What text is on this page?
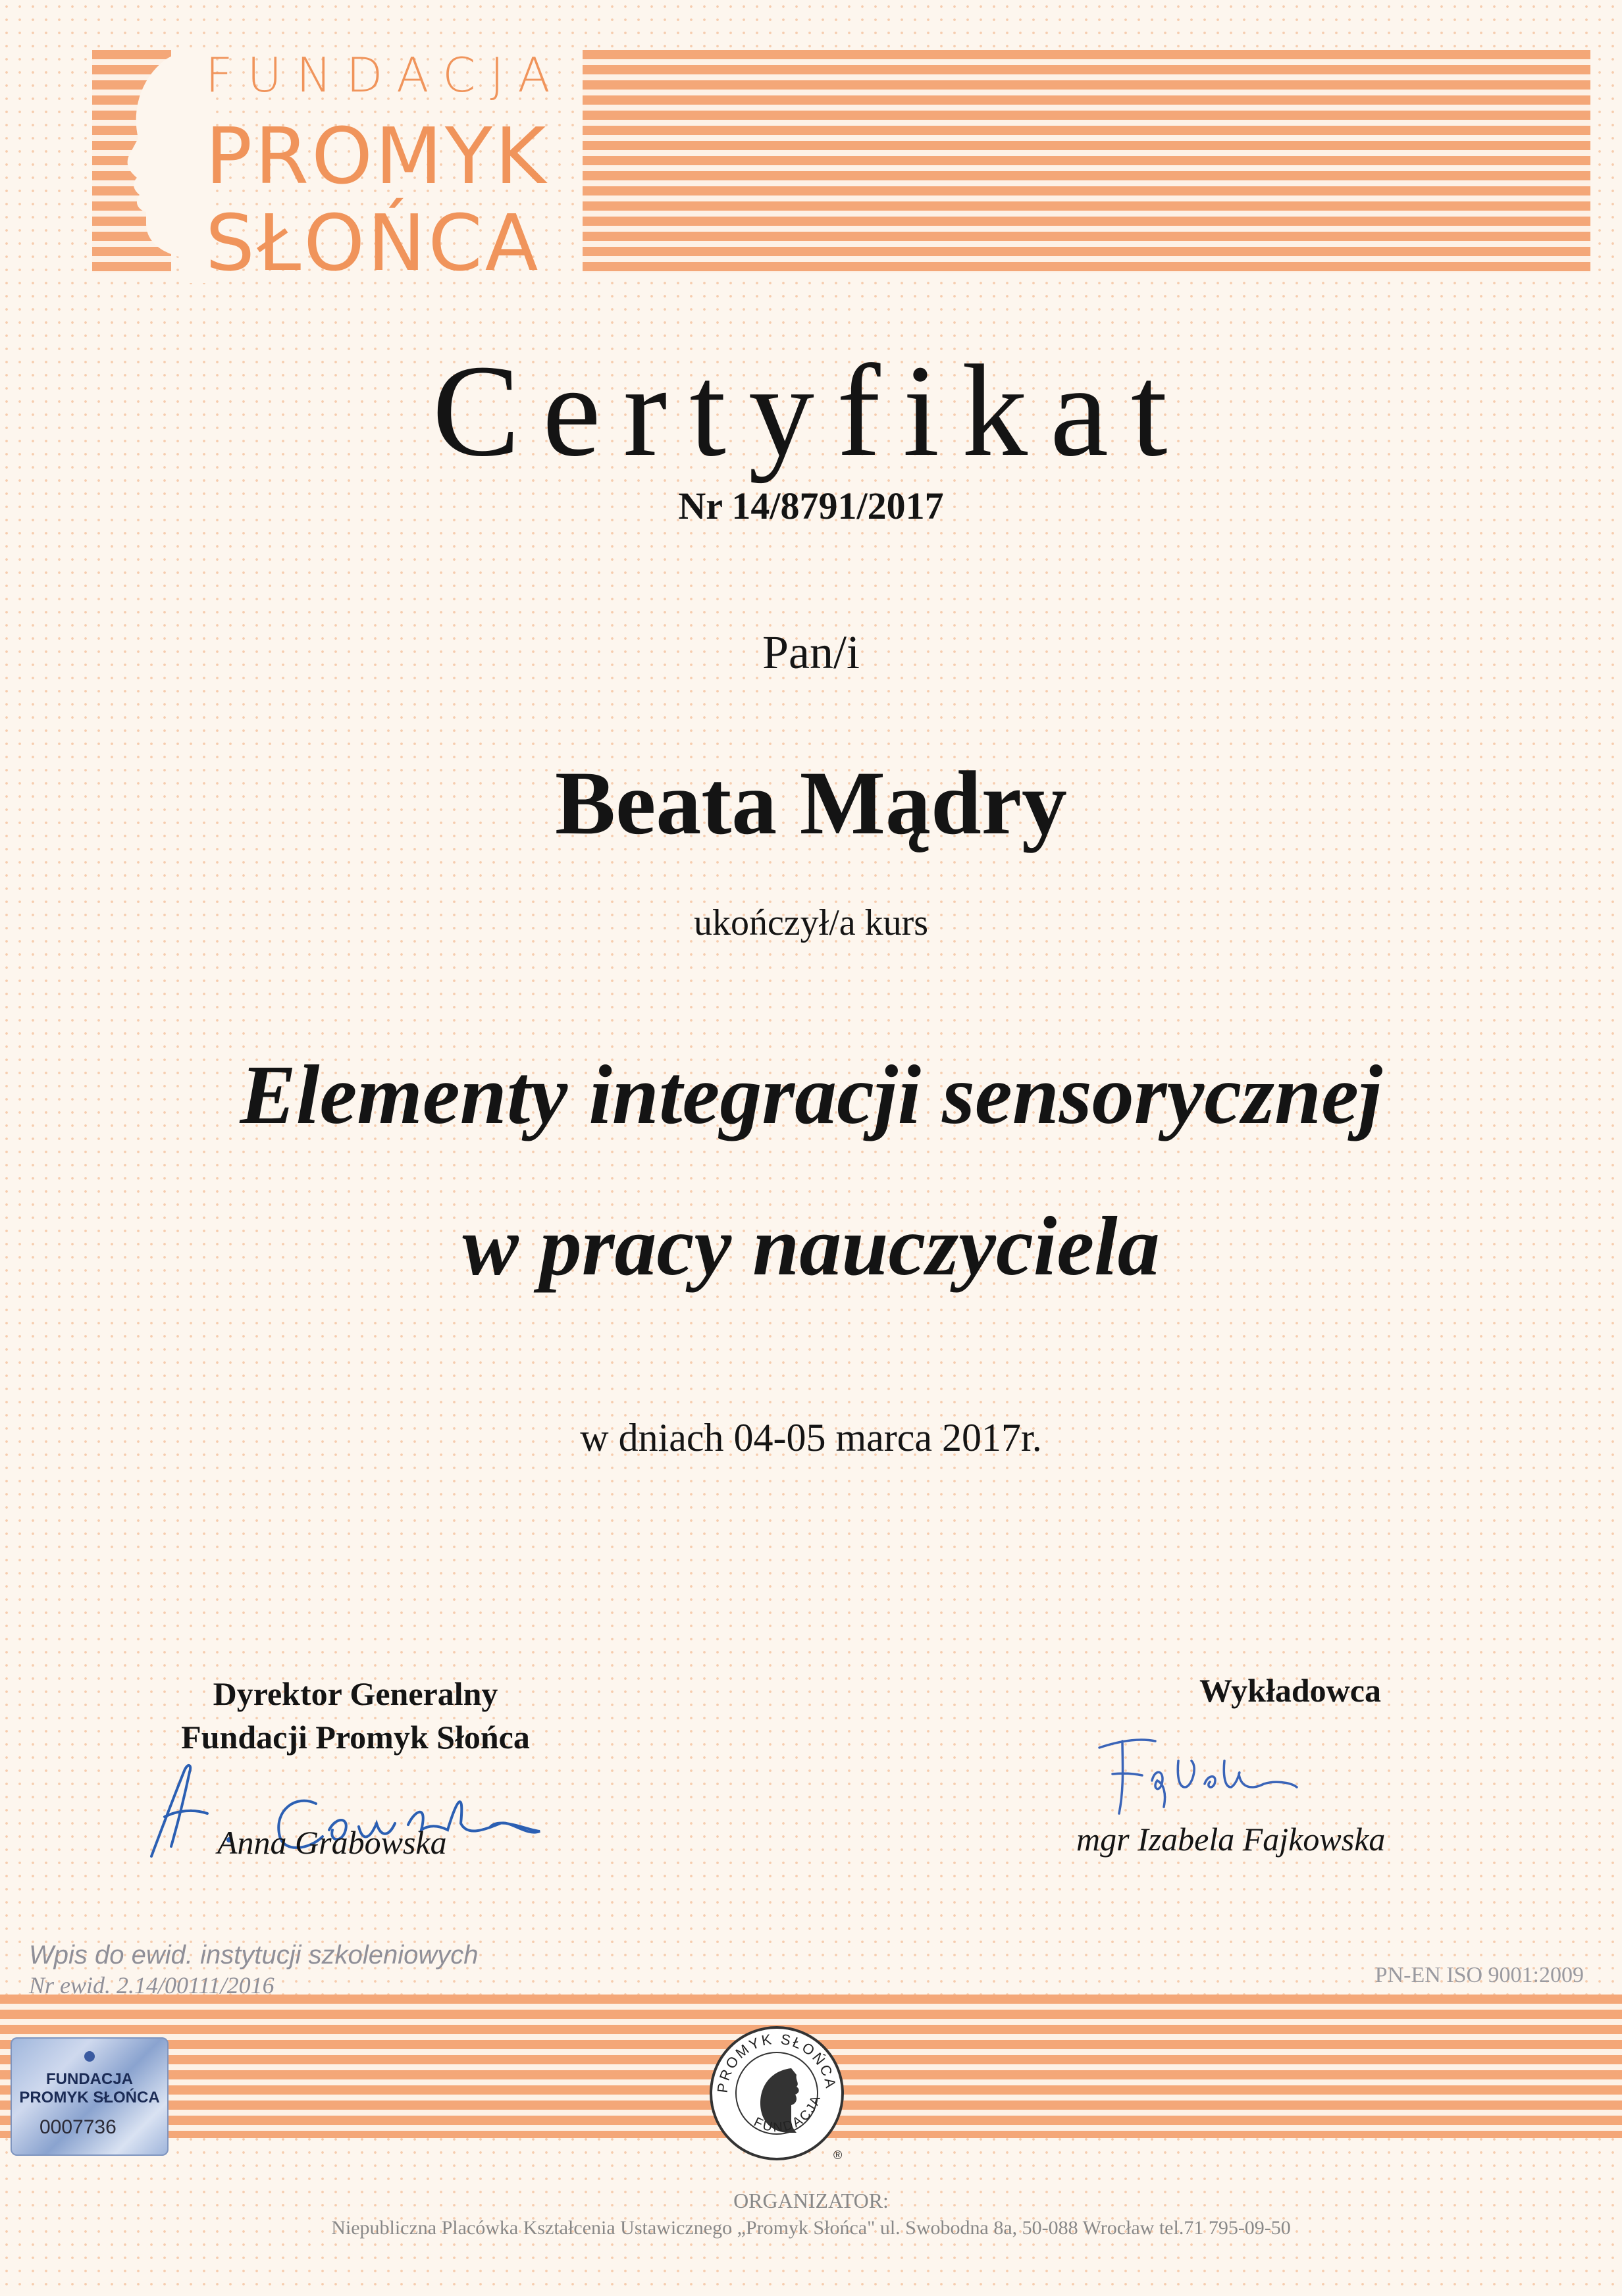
FUNDACJA
PROMYK
SŁOŃCA
Certyfikat
Nr 14/8791/2017
Pan/i
Beata Mądry
ukończył/a kurs
Elementy integracji sensorycznej
w pracy nauczyciela
w dniach 04-05 marca 2017r.
Dyrektor Generalny
Fundacji Promyk Słońca
Anna Grabowska
Wykładowca
mgr Izabela Fajkowska
Wpis do ewid. instytucji szkoleniowych
Nr ewid. 2.14/00111/2016	PN-EN ISO 9001:2009
FUNDACJA
PROMYK SŁOŃCA
0007736
PROMYK SŁOŃCA
FUNDACJA
®
ORGANIZATOR:
Niepubliczna Placówka Kształcenia Ustawicznego „Promyk Słońca" ul. Swobodna 8a, 50-088 Wrocław tel.71 795-09-50
